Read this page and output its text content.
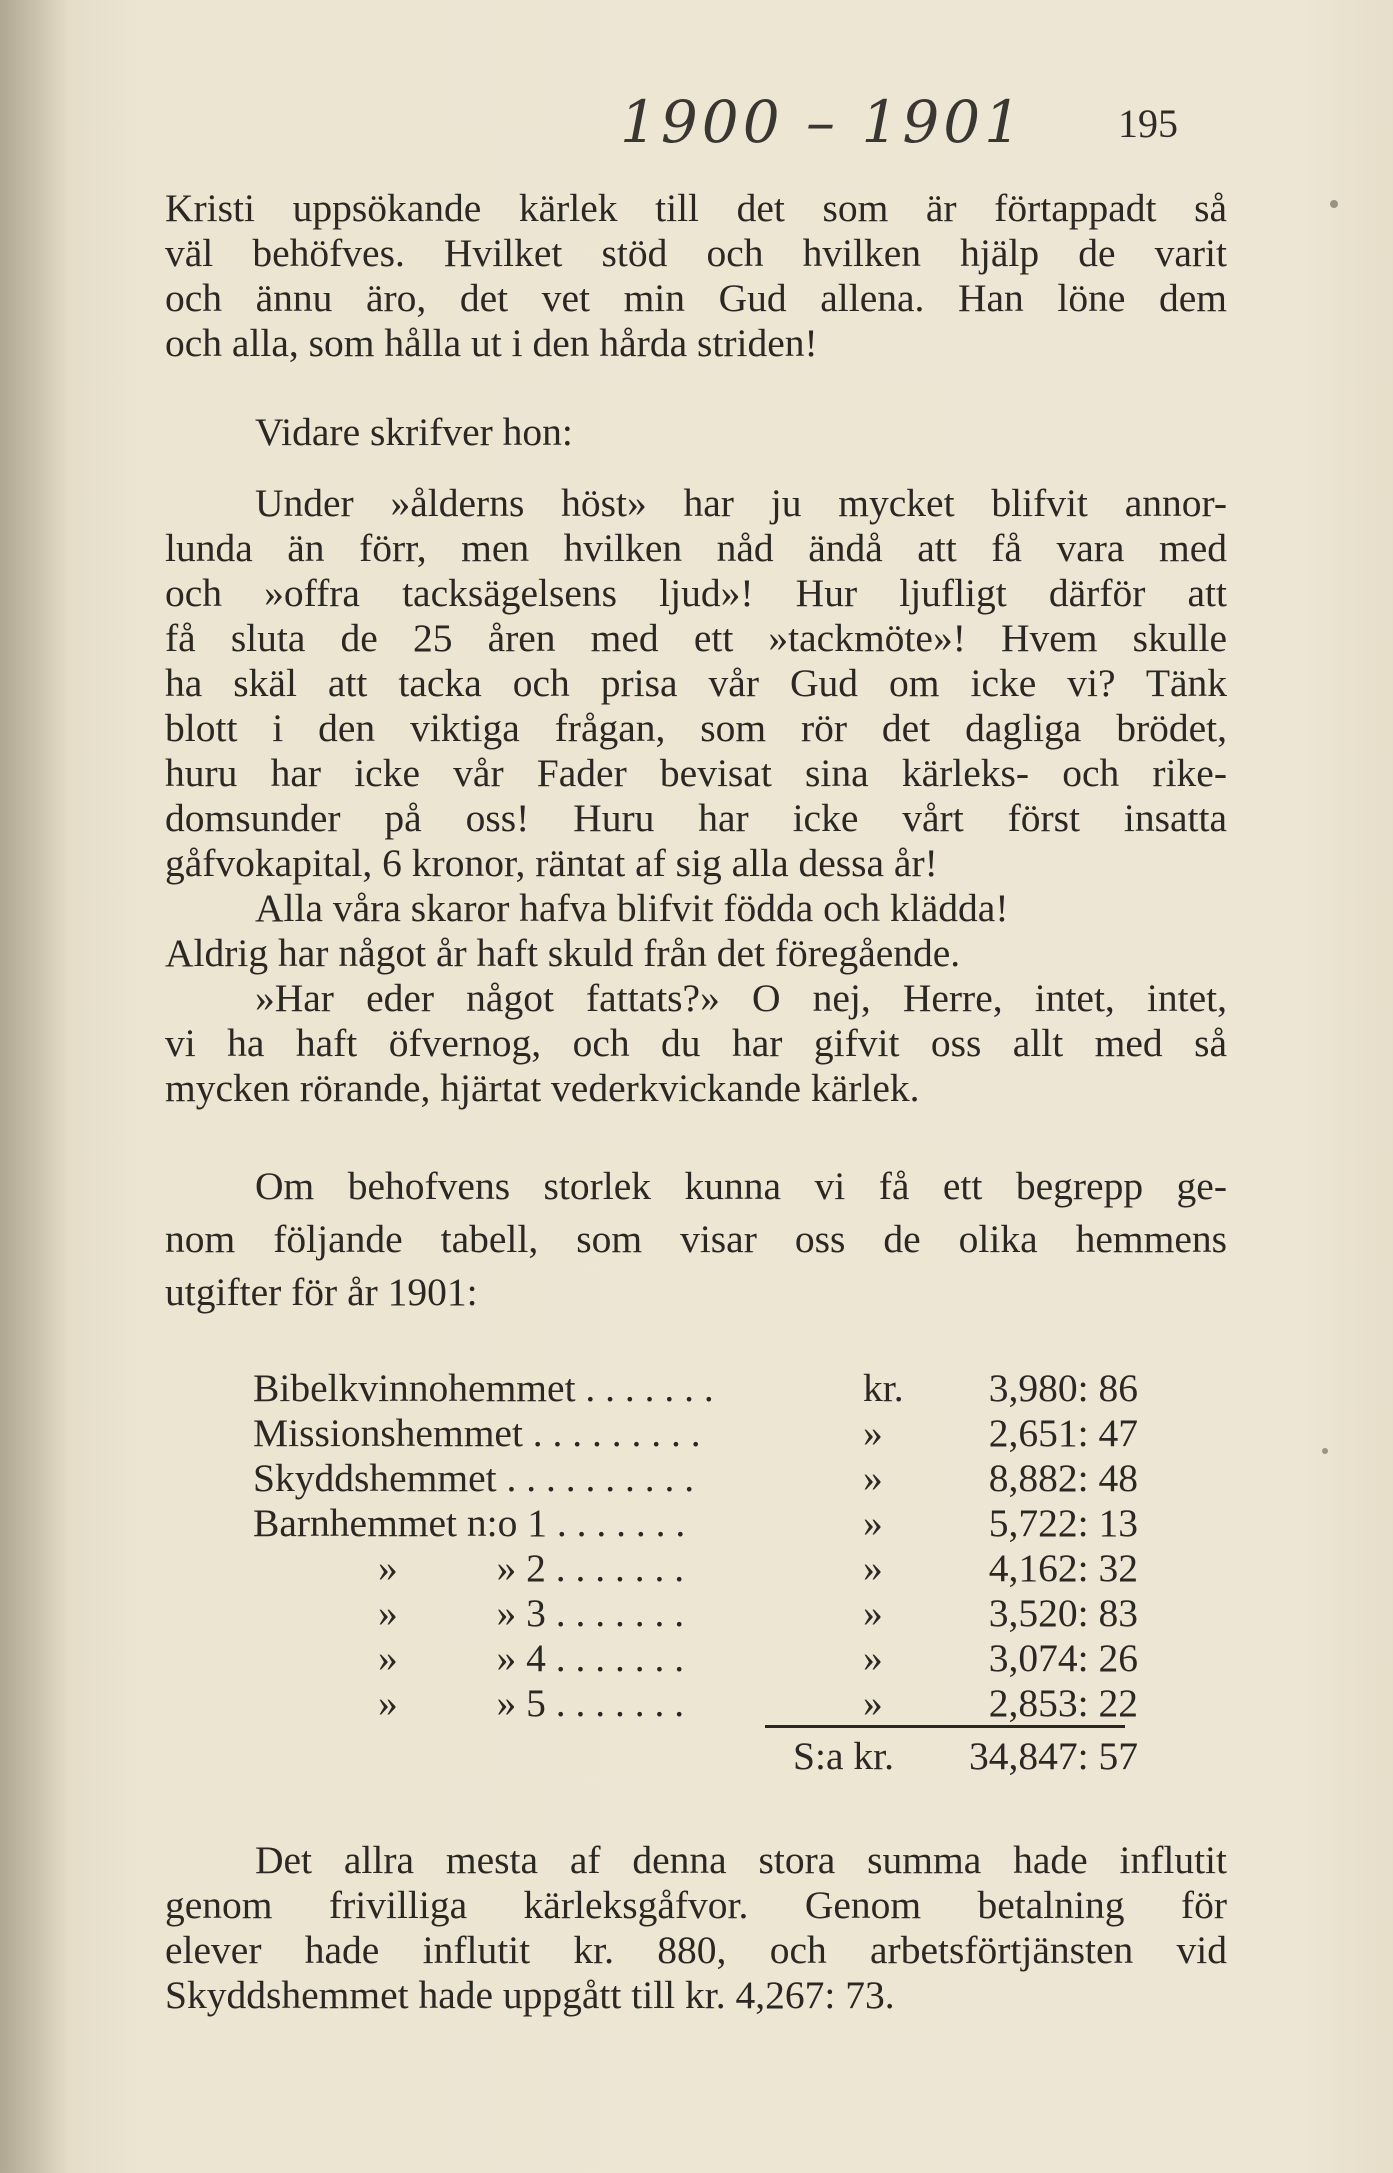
1900 – 1901 195
Kristi uppsökande kärlek till det som är förtappadt så
väl behöfves. Hvilket stöd och hvilken hjälp de varit
och ännu äro, det vet min Gud allena. Han löne dem
och alla, som hålla ut i den hårda striden!
Vidare skrifver hon:
Under »ålderns höst» har ju mycket blifvit annor-
lunda än förr, men hvilken nåd ändå att få vara med
och »offra tacksägelsens ljud»! Hur ljufligt därför att
få sluta de 25 åren med ett »tackmöte»! Hvem skulle
ha skäl att tacka och prisa vår Gud om icke vi? Tänk
blott i den viktiga frågan, som rör det dagliga brödet,
huru har icke vår Fader bevisat sina kärleks- och rike-
domsunder på oss! Huru har icke vårt först insatta
gåfvokapital, 6 kronor, räntat af sig alla dessa år!
Alla våra skaror hafva blifvit födda och klädda!
Aldrig har något år haft skuld från det föregående.
»Har eder något fattats?» O nej, Herre, intet, intet,
vi ha haft öfvernog, och du har gifvit oss allt med så
mycken rörande, hjärtat vederkvickande kärlek.
Om behofvens storlek kunna vi få ett begrepp ge-
nom följande tabell, som visar oss de olika hemmens
utgifter för år 1901:
Bibelkvinnohemmet . . . . . . .	kr. 3,980: 86
Missionshemmet . . . . . . . . .	»	2,651: 47
Skyddshemmet . . . . . . . . . .	»	8,882: 48
Barnhemmet n:o 1 . . . . . . .	»	5,722: 13
»          » 2 . . . . . . .	»	4,162: 32
»          » 3 . . . . . . .	»	3,520: 83
»          » 4 . . . . . . .	»	3,074: 26
»          » 5 . . . . . . .	»	2,853: 22
S:a kr. 34,847: 57
Det allra mesta af denna stora summa hade influtit
genom frivilliga kärleksgåfvor. Genom betalning för
elever hade influtit kr. 880, och arbetsförtjänsten vid
Skyddshemmet hade uppgått till kr. 4,267: 73.
